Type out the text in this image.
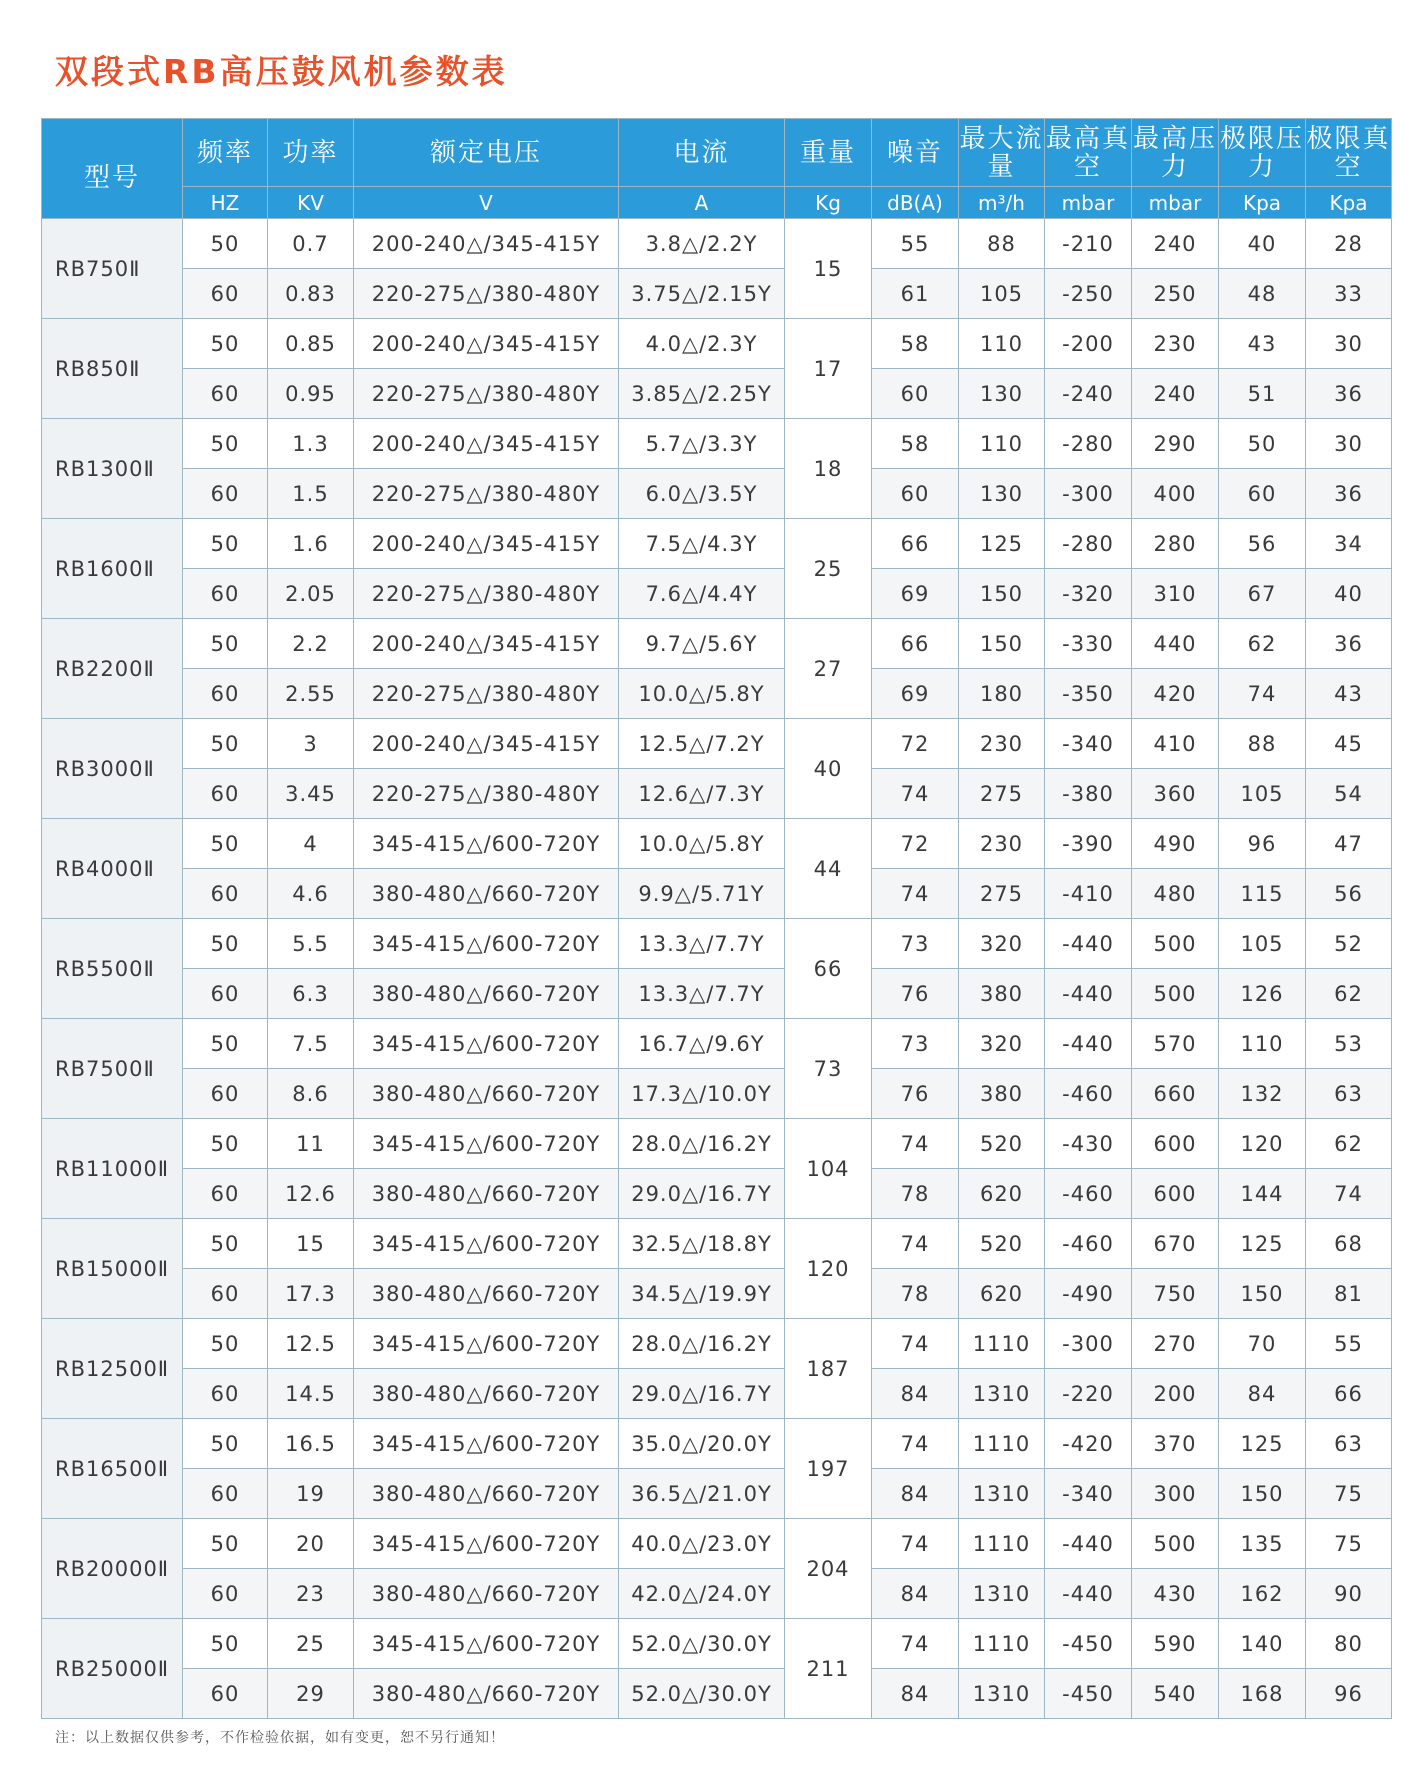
双段式RB高压鼓风机参数表
型号	频率	功率	额定电压	电流	重量	噪音	最大流量	最高真空	最高压力	极限压力	极限真空
	HZ	KV	V	A	Kg	dB(A)	m³/h	mbar	mbar	Kpa	Kpa
RB750Ⅱ	50	0.7	200-240△/345-415Y	3.8△/2.2Y	15	55	88	-210	240	40	28
	60	0.83	220-275△/380-480Y	3.75△/2.15Y		61	105	-250	250	48	33
RB850Ⅱ	50	0.85	200-240△/345-415Y	4.0△/2.3Y	17	58	110	-200	230	43	30
	60	0.95	220-275△/380-480Y	3.85△/2.25Y		60	130	-240	240	51	36
RB1300Ⅱ	50	1.3	200-240△/345-415Y	5.7△/3.3Y	18	58	110	-280	290	50	30
	60	1.5	220-275△/380-480Y	6.0△/3.5Y		60	130	-300	400	60	36
RB1600Ⅱ	50	1.6	200-240△/345-415Y	7.5△/4.3Y	25	66	125	-280	280	56	34
	60	2.05	220-275△/380-480Y	7.6△/4.4Y		69	150	-320	310	67	40
RB2200Ⅱ	50	2.2	200-240△/345-415Y	9.7△/5.6Y	27	66	150	-330	440	62	36
	60	2.55	220-275△/380-480Y	10.0△/5.8Y		69	180	-350	420	74	43
RB3000Ⅱ	50	3	200-240△/345-415Y	12.5△/7.2Y	40	72	230	-340	410	88	45
	60	3.45	220-275△/380-480Y	12.6△/7.3Y		74	275	-380	360	105	54
RB4000Ⅱ	50	4	345-415△/600-720Y	10.0△/5.8Y	44	72	230	-390	490	96	47
	60	4.6	380-480△/660-720Y	9.9△/5.71Y		74	275	-410	480	115	56
RB5500Ⅱ	50	5.5	345-415△/600-720Y	13.3△/7.7Y	66	73	320	-440	500	105	52
	60	6.3	380-480△/660-720Y	13.3△/7.7Y		76	380	-440	500	126	62
RB7500Ⅱ	50	7.5	345-415△/600-720Y	16.7△/9.6Y	73	73	320	-440	570	110	53
	60	8.6	380-480△/660-720Y	17.3△/10.0Y		76	380	-460	660	132	63
RB11000Ⅱ	50	11	345-415△/600-720Y	28.0△/16.2Y	104	74	520	-430	600	120	62
	60	12.6	380-480△/660-720Y	29.0△/16.7Y		78	620	-460	600	144	74
RB15000Ⅱ	50	15	345-415△/600-720Y	32.5△/18.8Y	120	74	520	-460	670	125	68
	60	17.3	380-480△/660-720Y	34.5△/19.9Y		78	620	-490	750	150	81
RB12500Ⅱ	50	12.5	345-415△/600-720Y	28.0△/16.2Y	187	74	1110	-300	270	70	55
	60	14.5	380-480△/660-720Y	29.0△/16.7Y		84	1310	-220	200	84	66
RB16500Ⅱ	50	16.5	345-415△/600-720Y	35.0△/20.0Y	197	74	1110	-420	370	125	63
	60	19	380-480△/660-720Y	36.5△/21.0Y		84	1310	-340	300	150	75
RB20000Ⅱ	50	20	345-415△/600-720Y	40.0△/23.0Y	204	74	1110	-440	500	135	75
	60	23	380-480△/660-720Y	42.0△/24.0Y		84	1310	-440	430	162	90
RB25000Ⅱ	50	25	345-415△/600-720Y	52.0△/30.0Y	211	74	1110	-450	590	140	80
	60	29	380-480△/660-720Y	52.0△/30.0Y		84	1310	-450	540	168	96

注：以上数据仅供参考，不作检验依据，如有变更，恕不另行通知！
